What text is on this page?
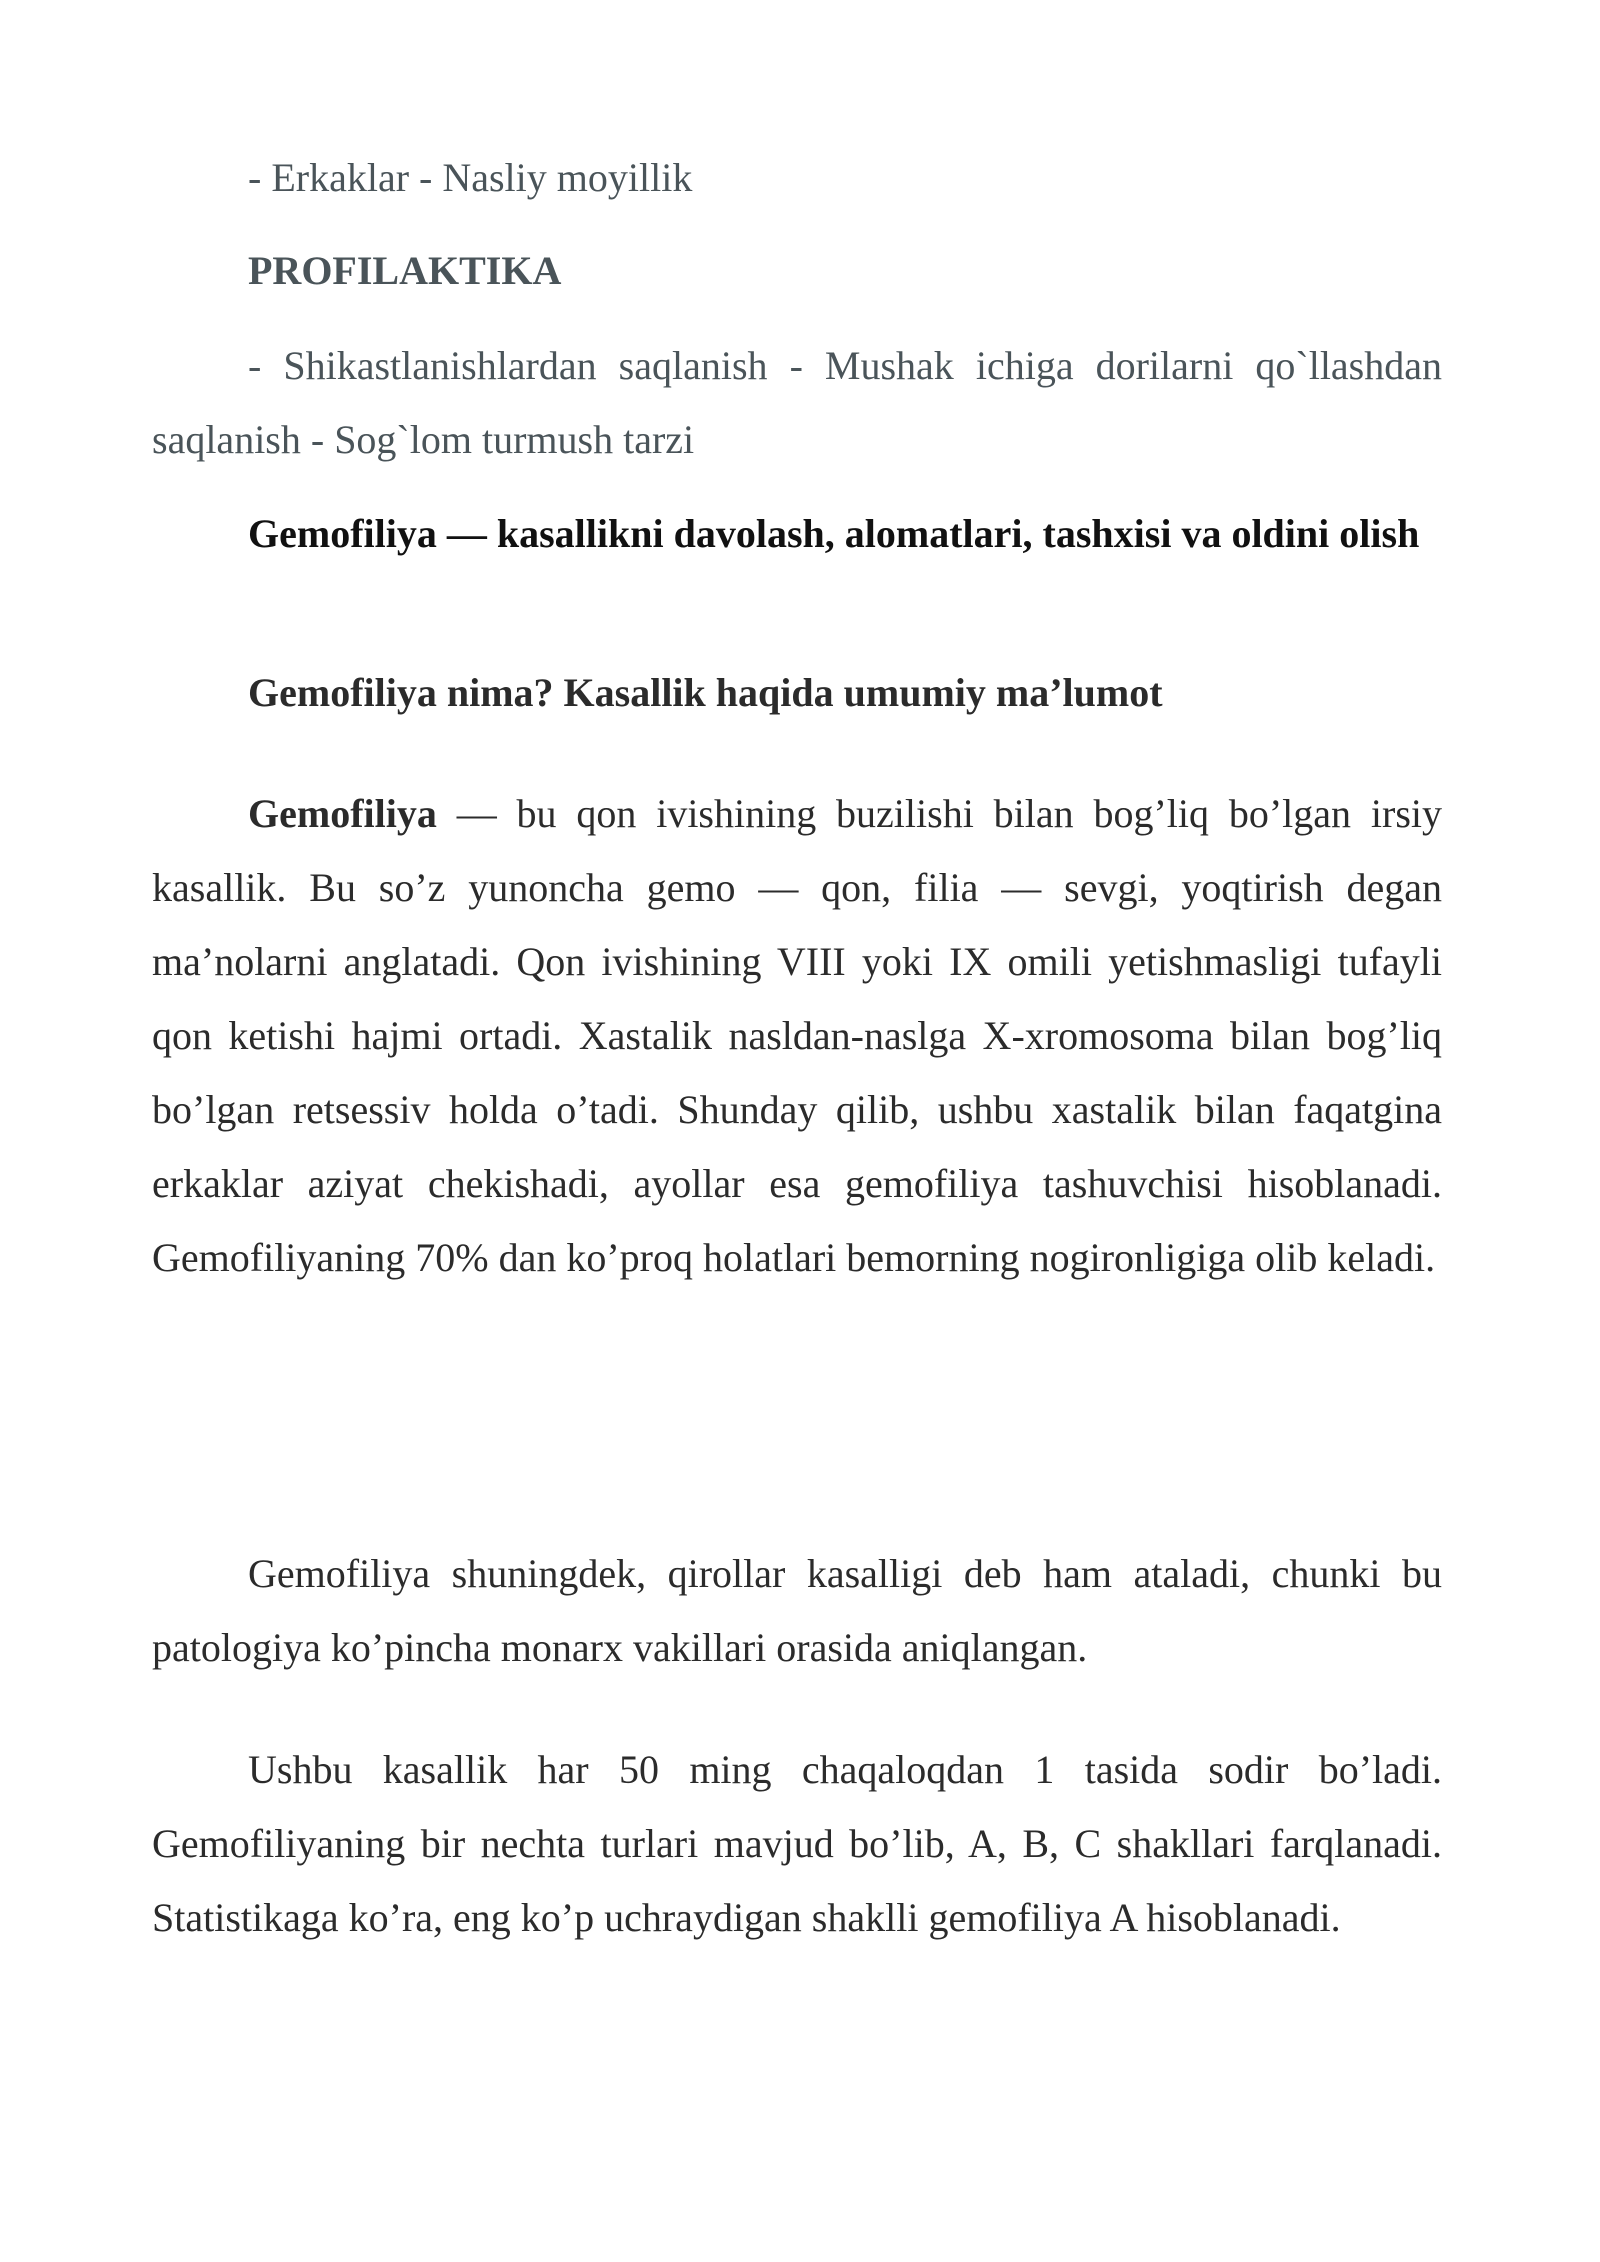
- Erkaklar - Nasliy moyillik

PROFILAKTIKA

- Shikastlanishlardan saqlanish - Mushak ichiga dorilarni qo`llashdan saqlanish - Sog`lom turmush tarzi

Gemofiliya — kasallikni davolash, alomatlari, tashxisi va oldini olish

Gemofiliya nima? Kasallik haqida umumiy ma’lumot

Gemofiliya — bu qon ivishining buzilishi bilan bog’liq bo’lgan irsiy kasallik. Bu so’z yunoncha gemo — qon, filia — sevgi, yoqtirish degan ma’nolarni anglatadi. Qon ivishining VIII yoki IX omili yetishmasligi tufayli qon ketishi hajmi ortadi. Xastalik nasldan-naslga X-xromosoma bilan bog’liq bo’lgan retsessiv holda o’tadi. Shunday qilib, ushbu xastalik bilan faqatgina erkaklar aziyat chekishadi, ayollar esa gemofiliya tashuvchisi hisoblanadi. Gemofiliyaning 70% dan ko’proq holatlari bemorning nogironligiga olib keladi.

Gemofiliya shuningdek, qirollar kasalligi deb ham ataladi, chunki bu patologiya ko’pincha monarx vakillari orasida aniqlangan.

Ushbu kasallik har 50 ming chaqaloqdan 1 tasida sodir bo’ladi. Gemofiliyaning bir nechta turlari mavjud bo’lib, A, B, C shakllari farqlanadi. Statistikaga ko’ra, eng ko’p uchraydigan shaklli gemofiliya A hisoblanadi.
